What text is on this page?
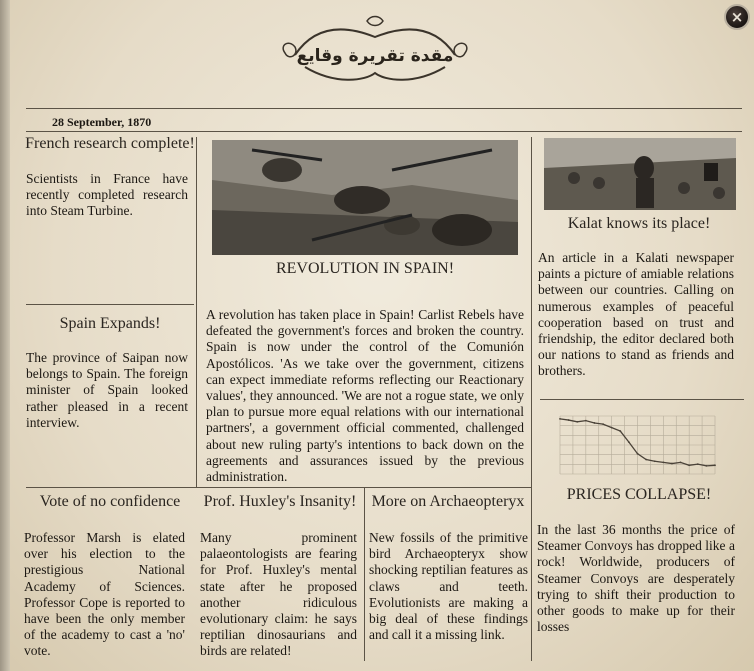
مقدة تقريرة وقايع
28 September, 1870
French research complete!
Scientists in France have recently completed research into Steam Turbine.
Spain Expands!
The province of Saipan now belongs to Spain. The foreign minister of Spain looked rather pleased in a recent interview.
Vote of no confidence
Professor Marsh is elated over his election to the prestigious National Academy of Sciences. Professor Cope is reported to have been the only member of the academy to cast a 'no' vote.
REVOLUTION IN SPAIN!
A revolution has taken place in Spain! Carlist Rebels have defeated the government's forces and broken the country. Spain is now under the control of the Comunión Apostólicos. 'As we take over the government, citizens can expect immediate reforms reflecting our Reactionary values', they announced. 'We are not a rogue state, we only plan to pursue more equal relations with our international partners', a government official commented, challenged about new ruling party's intentions to back down on the agreements and assurances issued by the previous administration.
Prof. Huxley's Insanity!
Many prominent palaeontologists are fearing for Prof. Huxley's mental state after he proposed another ridiculous evolutionary claim: he says reptilian dinosaurians and birds are related!
More on Archaeopteryx
New fossils of the primitive bird Archaeopteryx show shocking reptilian features as claws and teeth. Evolutionists are making a big deal of these findings and call it a missing link.
Kalat knows its place!
An article in a Kalati newspaper paints a picture of amiable relations between our countries. Calling on numerous examples of peaceful cooperation based on trust and friendship, the editor declared both our nations to stand as friends and brothers.
PRICES COLLAPSE!
In the last 36 months the price of Steamer Convoys has dropped like a rock! Worldwide, producers of Steamer Convoys are desperately trying to shift their production to other goods to make up for their losses
×
